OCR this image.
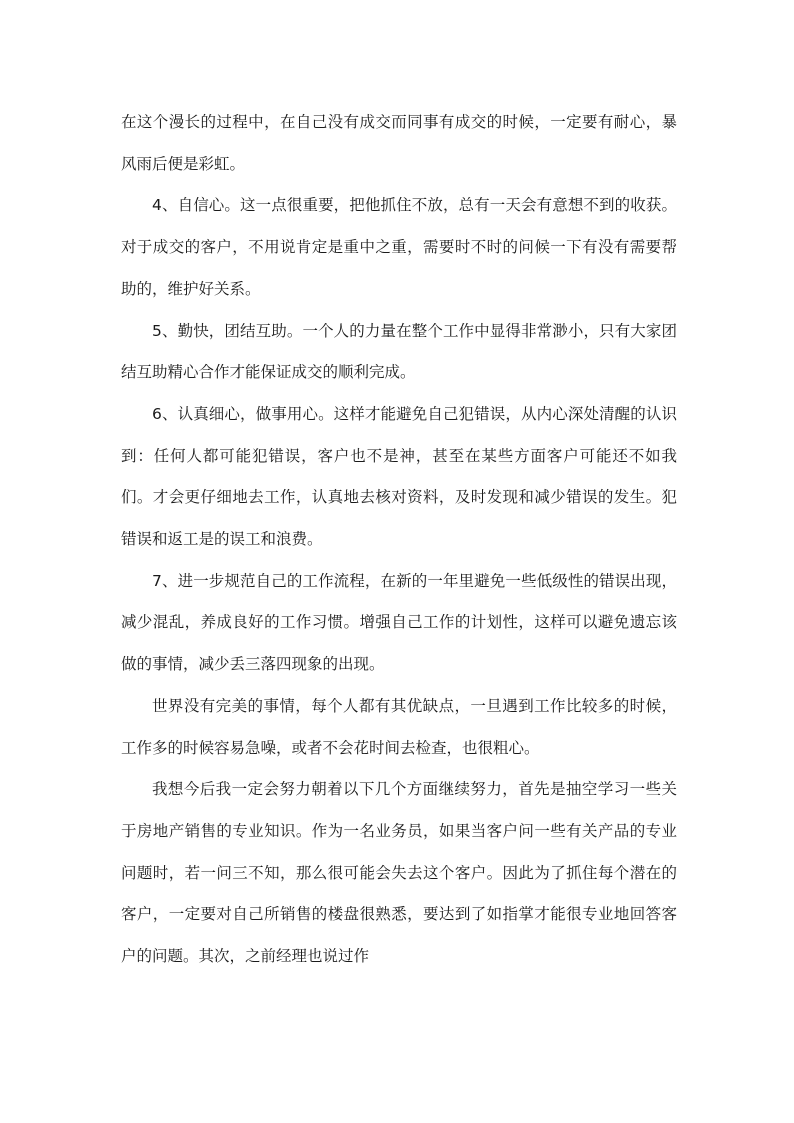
在这个漫长的过程中，在自己没有成交而同事有成交的时候，一定要有耐心，暴风雨后便是彩虹。

4、自信心。这一点很重要，把他抓住不放，总有一天会有意想不到的收获。对于成交的客户，不用说肯定是重中之重，需要时不时的问候一下有没有需要帮助的，维护好关系。

5、勤快，团结互助。一个人的力量在整个工作中显得非常渺小，只有大家团结互助精心合作才能保证成交的顺利完成。

6、认真细心，做事用心。这样才能避免自己犯错误，从内心深处清醒的认识到：任何人都可能犯错误，客户也不是神，甚至在某些方面客户可能还不如我们。才会更仔细地去工作，认真地去核对资料，及时发现和减少错误的发生。犯错误和返工是的误工和浪费。

7、进一步规范自己的工作流程，在新的一年里避免一些低级性的错误出现，减少混乱，养成良好的工作习惯。增强自己工作的计划性，这样可以避免遗忘该做的事情，减少丢三落四现象的出现。

世界没有完美的事情，每个人都有其优缺点，一旦遇到工作比较多的时候，工作多的时候容易急噪，或者不会花时间去检查，也很粗心。

我想今后我一定会努力朝着以下几个方面继续努力，首先是抽空学习一些关于房地产销售的专业知识。作为一名业务员，如果当客户问一些有关产品的专业问题时，若一问三不知，那么很可能会失去这个客户。因此为了抓住每个潜在的客户，一定要对自己所销售的楼盘很熟悉，要达到了如指掌才能很专业地回答客户的问题。其次，之前经理也说过作
